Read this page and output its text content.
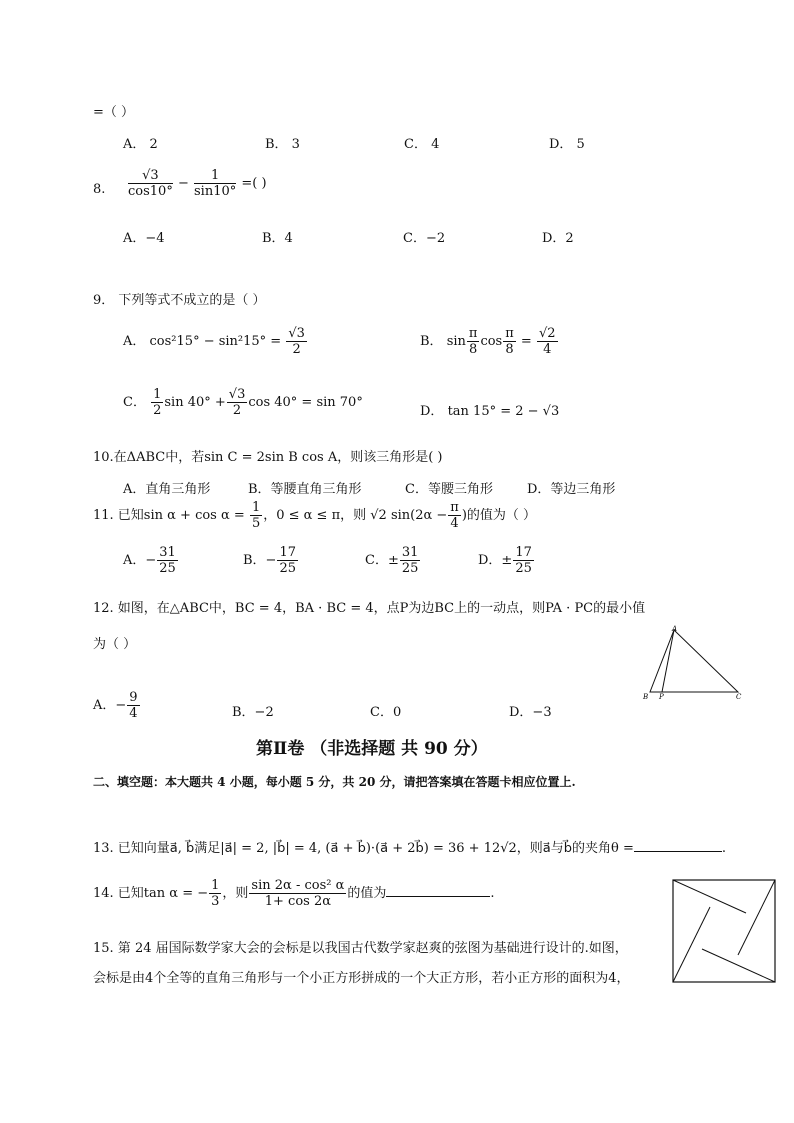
=（ ）
A． 2	B． 3	C． 4	D． 5
8. $\frac{√3}{\cos 10^\circ} - \frac{1}{\sin 10^\circ}$ =( )
A．−4	B．4	C．−2	D．2
9． 下列等式不成立的是（ ）
A． $\cos^215^\circ - \sin^215^\circ = \frac{√3}{2}$	B． $\sin \frac{\pi}{8}$ $\cos \frac{\pi}{8} = \frac{√2}{4}$
C． $\frac{1}{2}$ $\sin 40^\circ + \frac{√3}{2}$ cos 40° = sin 70°
D． tan 15° = 2 − √3
10.在ΔABC中，若sin C = 2sin B cos A，则该三角形是( )
A．直角三角形	B．等腰直角三角形	C．等腰三角形	D．等边三角形
11. 已知$\sin \alpha + \cos \alpha = \frac{1}{5}$ ，0 ≤ α ≤ π，则 √2 $\sin(2\alpha - \frac{\pi}{4}$ )的值为（ ）
A．− $\frac{31}{25}$	B．− $\frac{17}{25}$	C．± $\frac{31}{25}$	D．± $\frac{17}{25}$
12. 如图，在△ABC中，BC = 4，BA · BC = 4，点P为边BC上的一动点，则PA · PC的最小值
为（ ）
A
B P	C
A．− $\frac{9}{4}$	B．−2	C．0	D．−3
第Ⅱ卷 （非选择题 共 90 分）
二、填空题：本大题共 4 小题，每小题 5 分，共 20 分，请把答案填在答题卡相应位置上.
13. 已知向量a⃗, b⃗满足|a⃗| = 2, |b⃗| = 4, (a⃗ + b⃗)·(a⃗ + 2b⃗) = 36 + 12√2，则a⃗与b⃗的夹角θ =	.
14. 已知tan α = − $\frac{1}{3}$ ，则 $\frac{\text{sin 2α - cos² α}}{1+ \cos 2\alpha}$ 的值为	.
15. 第 24 届国际数学家大会的会标是以我国古代数学家赵爽的弦图为基础进行设计的.如图，
会标是由4个全等的直角三角形与一个小正方形拼成的一个大正方形，若小正方形的面积为4，
